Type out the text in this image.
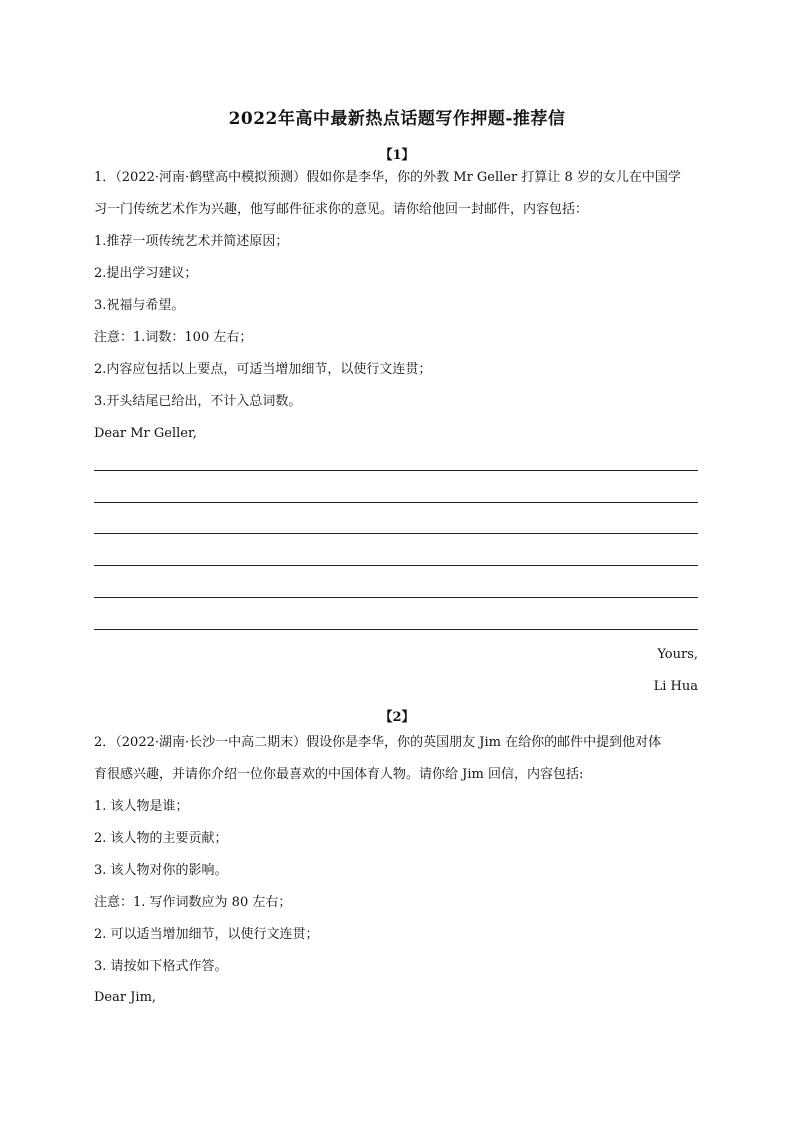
2022年高中最新热点话题写作押题-推荐信
【1】
1．（2022·河南·鹤壁高中模拟预测）假如你是李华，你的外教 Mr Geller 打算让 8 岁的女儿在中国学
习一门传统艺术作为兴趣，他写邮件征求你的意见。请你给他回一封邮件，内容包括：
1.推荐一项传统艺术并简述原因；
2.提出学习建议；
3.祝福与希望。
注意：1.词数：100 左右；
2.内容应包括以上要点，可适当增加细节，以使行文连贯；
3.开头结尾已给出，不计入总词数。
Dear Mr Geller,
Yours,
Li Hua
【2】
2．（2022·湖南·长沙一中高二期末）假设你是李华，你的英国朋友 Jim 在给你的邮件中提到他对体
育很感兴趣，并请你介绍一位你最喜欢的中国体育人物。请你给 Jim 回信，内容包括:
1. 该人物是谁；
2. 该人物的主要贡献；
3. 该人物对你的影响。
注意：1. 写作词数应为 80 左右；
2. 可以适当增加细节，以使行文连贯；
3. 请按如下格式作答。
Dear Jim,
